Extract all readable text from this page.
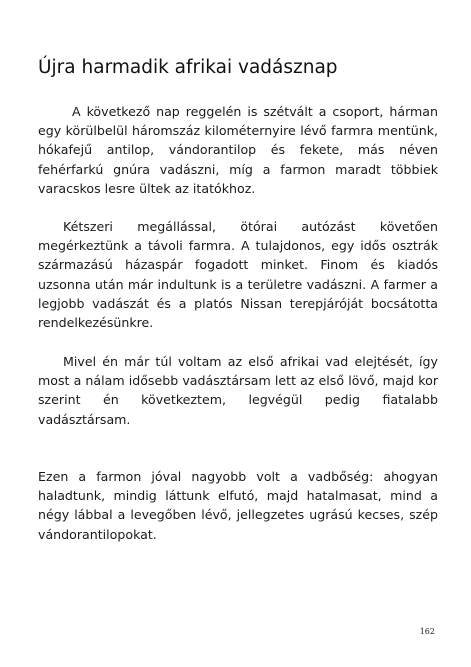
Újra harmadik afrikai vadásznap

A következő nap reggelén is szétvált a csoport, hárman egy körülbelül háromszáz kilométernyire lévő farmra mentünk, hókafejű antilop, vándorantilop és fekete, más néven fehérfarkú gnúra vadászni, míg a farmon maradt többiek varacskos lesre ültek az itatókhoz.

Kétszeri megállással, ötórai autózást követően megérkeztünk a távoli farmra. A tulajdonos, egy idős osztrák származású házaspár fogadott minket. Finom és kiadós uzsonna után már indultunk is a területre vadászni. A farmer a legjobb vadászát és a platós Nissan terepjáróját bocsátotta rendelkezésünkre.

Mivel én már túl voltam az első afrikai vad elejtését, így most a nálam idősebb vadásztársam lett az első lövő, majd kor szerint én következtem, legvégül pedig fiatalabb vadásztársam.

Ezen a farmon jóval nagyobb volt a vadbőség: ahogyan haladtunk, mindig láttunk elfutó, majd hatalmasat, mind a négy lábbal a levegőben lévő, jellegzetes ugrású kecses, szép vándorantilopokat.

162
